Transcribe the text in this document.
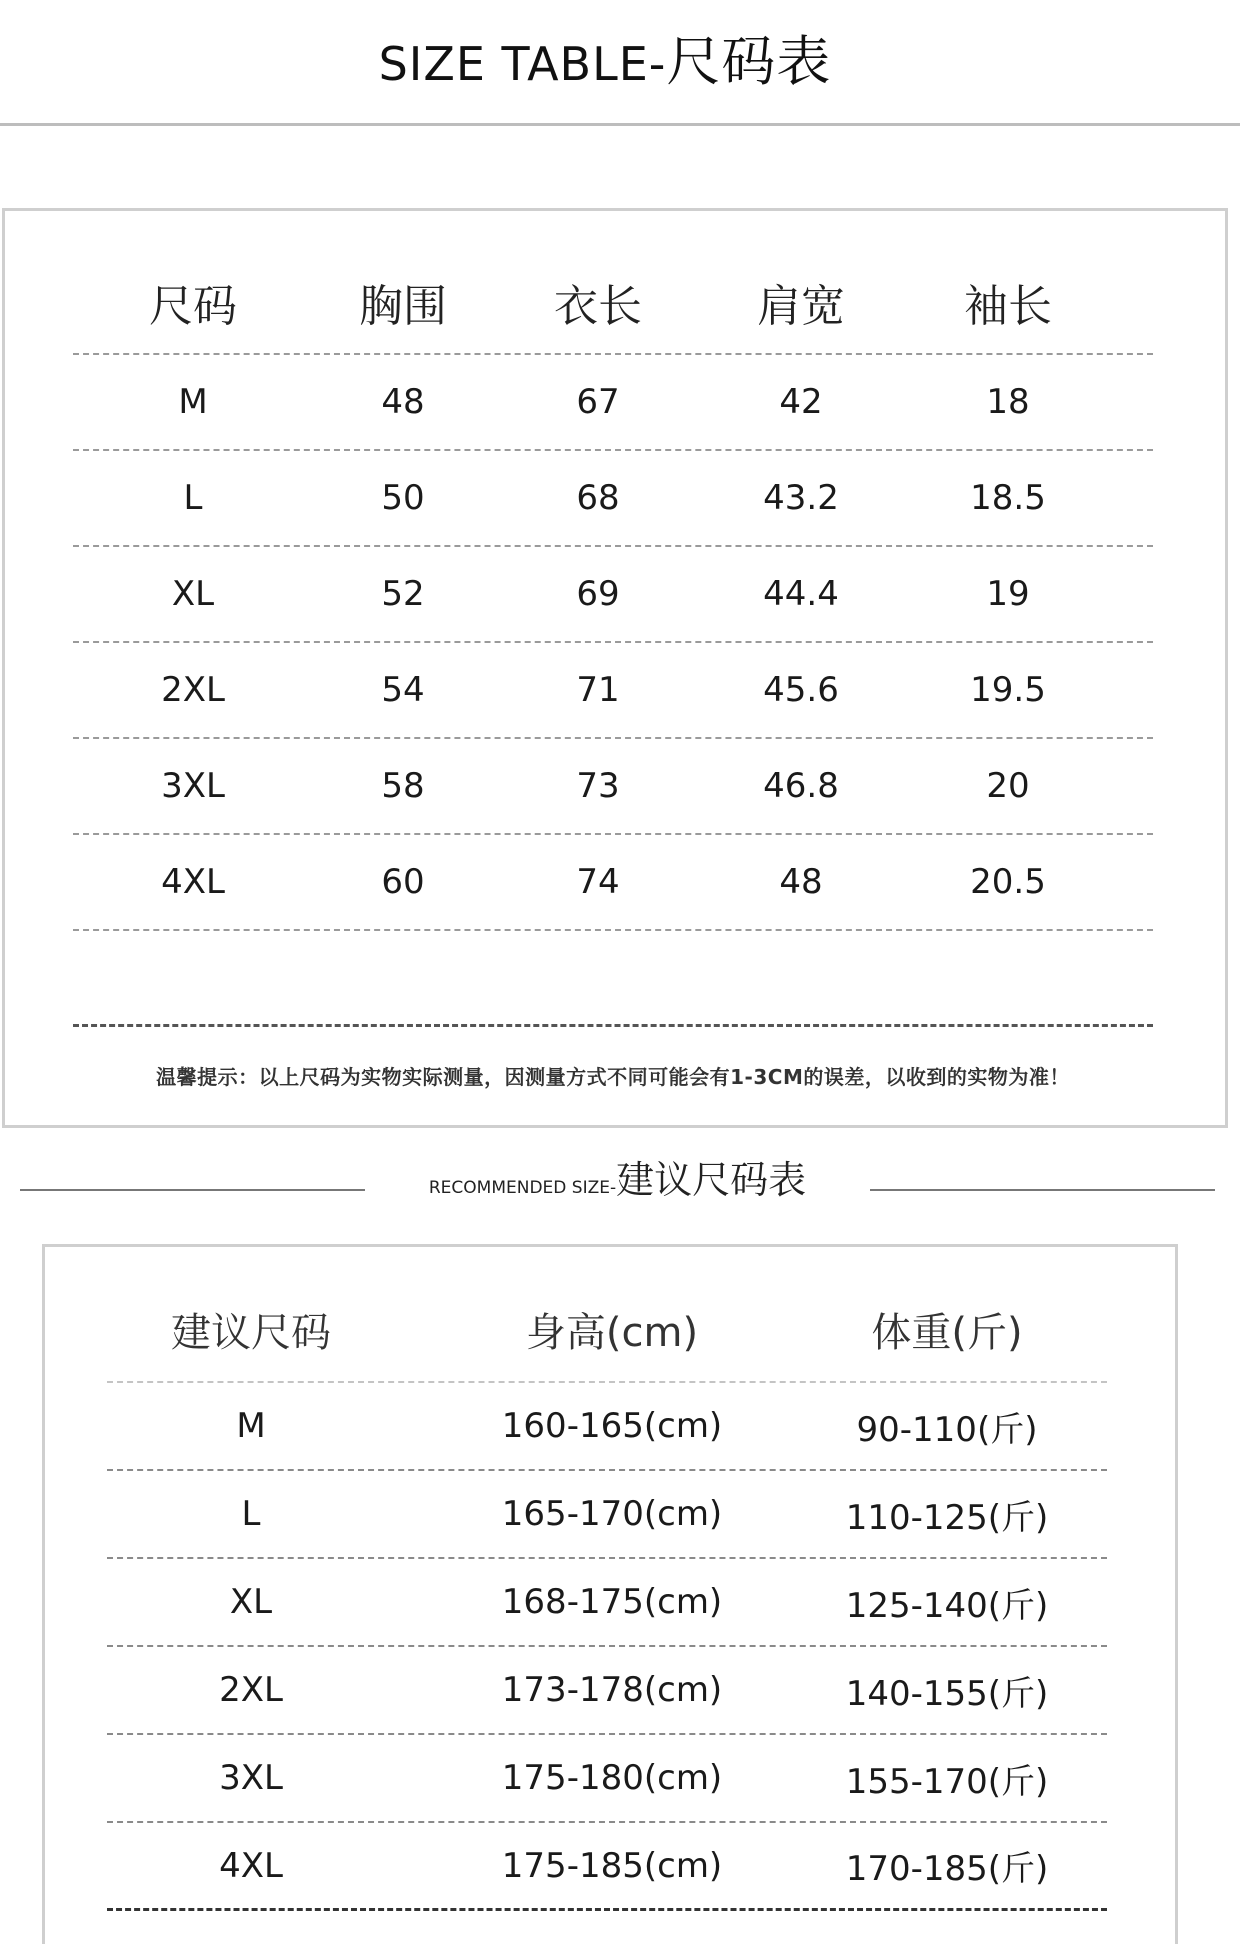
SIZE TABLE-尺码表
尺码	胸围	衣长	肩宽	袖长
M	48	67	42	18
L	50	68	43.2	18.5
XL	52	69	44.4	19
2XL	54	71	45.6	19.5
3XL	58	73	46.8	20
4XL	60	74	48	20.5
温馨提示：以上尺码为实物实际测量，因测量方式不同可能会有1-3CM的误差，以收到的实物为准！
RECOMMENDED SIZE-建议尺码表
建议尺码	身高(cm)	体重(斤)
M	160-165(cm)	90-110(斤)
L	165-170(cm)	110-125(斤)
XL	168-175(cm)	125-140(斤)
2XL	173-178(cm)	140-155(斤)
3XL	175-180(cm)	155-170(斤)
4XL	175-185(cm)	170-185(斤)
